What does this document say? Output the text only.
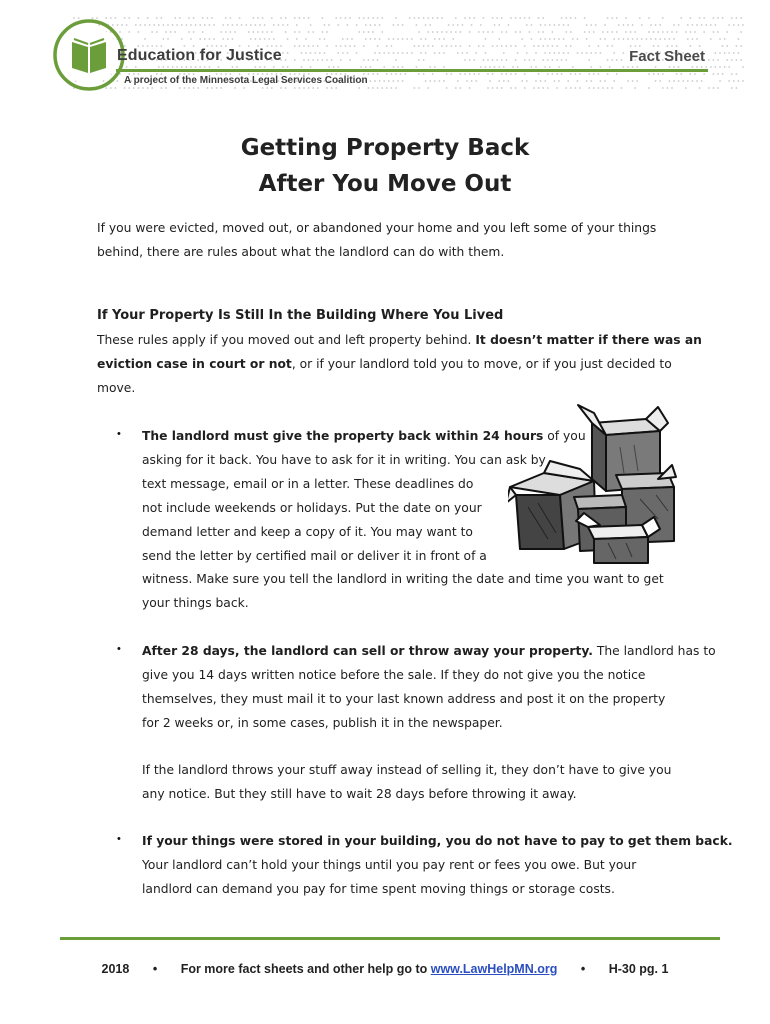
Education for Justice	Fact Sheet
A project of the Minnesota Legal Services Coalition
Getting Property Back
After You Move Out
If you were evicted, moved out, or abandoned your home and you left some of your things
behind, there are rules about what the landlord can do with them.
If Your Property Is Still In the Building Where You Lived
These rules apply if you moved out and left property behind. It doesn’t matter if there was an
eviction case in court or not, or if your landlord told you to move, or if you just decided to
move.
• The landlord must give the property back within 24 hours of you
asking for it back. You have to ask for it in writing. You can ask by
text message, email or in a letter. These deadlines do
not include weekends or holidays. Put the date on your
demand letter and keep a copy of it. You may want to
send the letter by certified mail or deliver it in front of a
witness. Make sure you tell the landlord in writing the date and time you want to get
your things back.
• After 28 days, the landlord can sell or throw away your property. The landlord has to
give you 14 days written notice before the sale. If they do not give you the notice
themselves, they must mail it to your last known address and post it on the property
for 2 weeks or, in some cases, publish it in the newspaper.
If the landlord throws your stuff away instead of selling it, they don’t have to give you
any notice. But they still have to wait 28 days before throwing it away.
• If your things were stored in your building, you do not have to pay to get them back.
Your landlord can’t hold your things until you pay rent or fees you owe. But your
landlord can demand you pay for time spent moving things or storage costs.
2018 • For more fact sheets and other help go to www.LawHelpMN.org • H-30 pg. 1
